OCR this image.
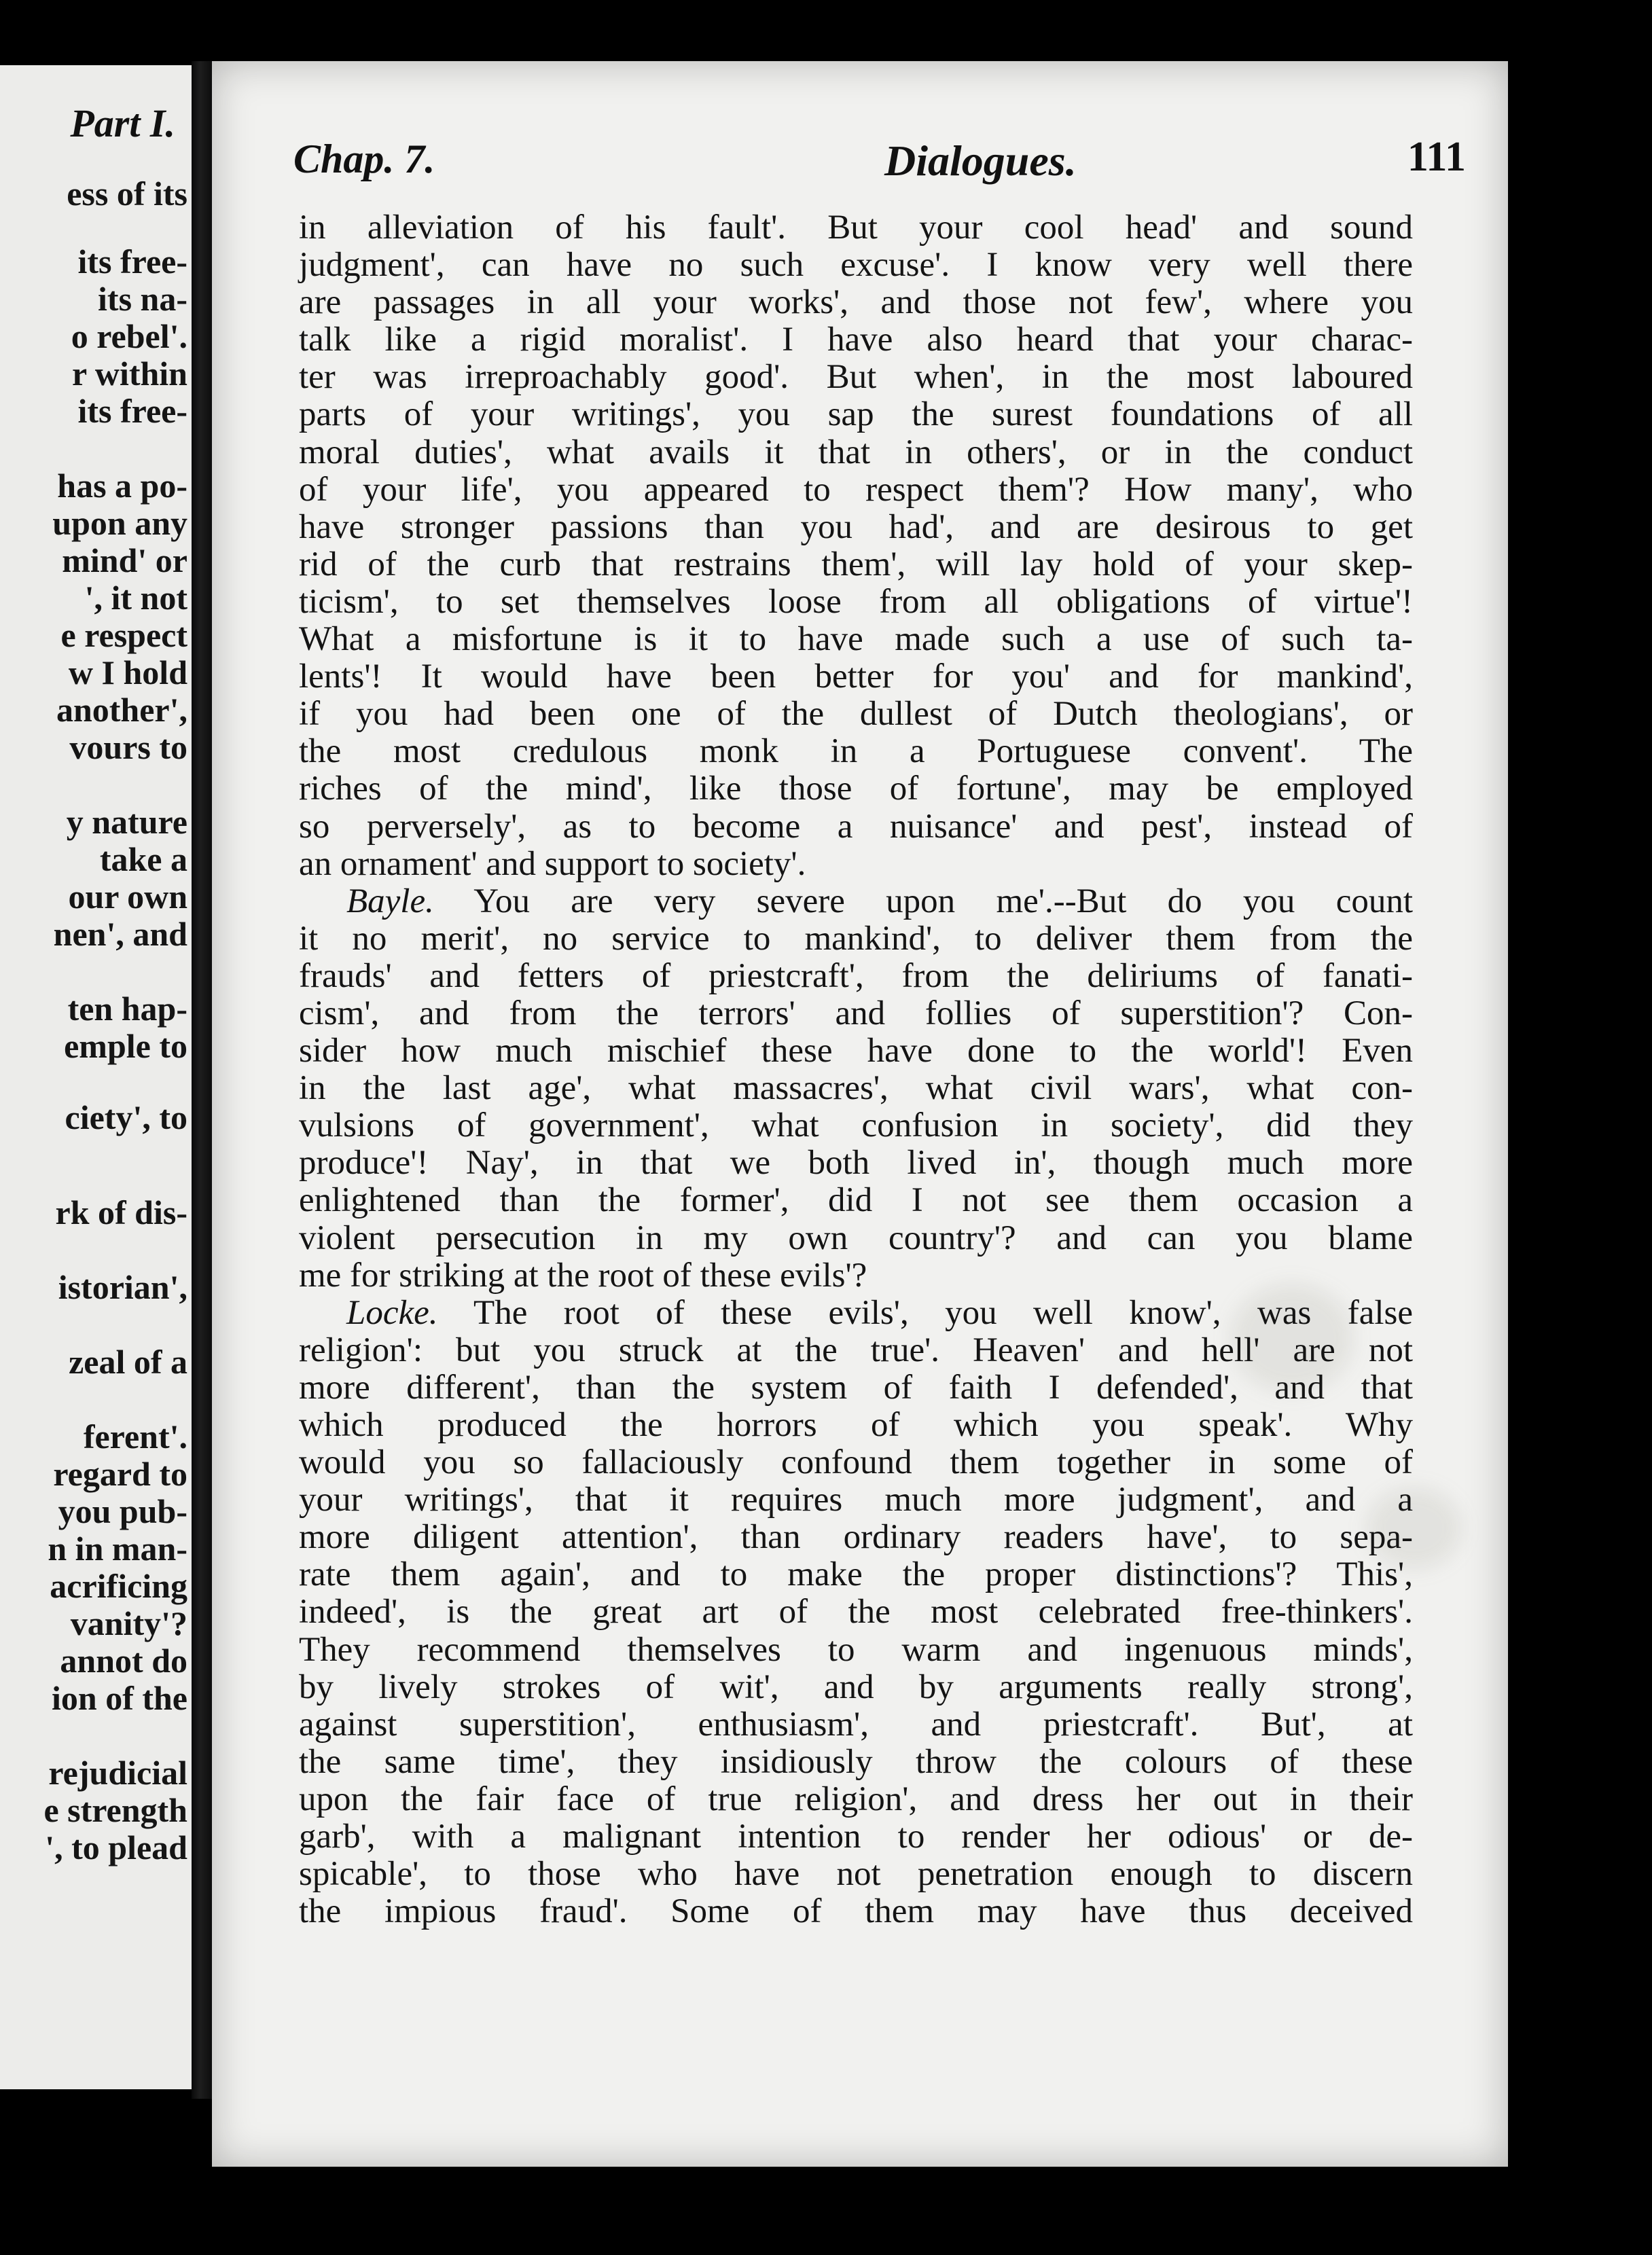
Part I.
ess of its
its free-
its na-
o rebel'.
r within
its free-
has a po-
upon any
mind' or
', it not
e respect
w I hold
another',
vours to
y nature
take a
our own
nen', and
ten hap-
emple to
ciety', to
rk of dis-
istorian',
zeal of a
ferent'.
regard to
you pub-
n in man-
acrificing
vanity'?
annot do
ion of the
rejudicial
e strength
', to plead
Chap. 7.	Dialogues.	111
in alleviation of his fault'. But your cool head' and sound
judgment', can have no such excuse'. I know very well there
are passages in all your works', and those not few', where you
talk like a rigid moralist'. I have also heard that your charac-
ter was irreproachably good'. But when', in the most laboured
parts of your writings', you sap the surest foundations of all
moral duties', what avails it that in others', or in the conduct
of your life', you appeared to respect them'? How many', who
have stronger passions than you had', and are desirous to get
rid of the curb that restrains them', will lay hold of your skep-
ticism', to set themselves loose from all obligations of virtue'!
What a misfortune is it to have made such a use of such ta-
lents'! It would have been better for you' and for mankind',
if you had been one of the dullest of Dutch theologians', or
the most credulous monk in a Portuguese convent'. The
riches of the mind', like those of fortune', may be employed
so perversely', as to become a nuisance' and pest', instead of
an ornament' and support to society'.
Bayle. You are very severe upon me'.--But do you count
it no merit', no service to mankind', to deliver them from the
frauds' and fetters of priestcraft', from the deliriums of fanati-
cism', and from the terrors' and follies of superstition'? Con-
sider how much mischief these have done to the world'! Even
in the last age', what massacres', what civil wars', what con-
vulsions of government', what confusion in society', did they
produce'! Nay', in that we both lived in', though much more
enlightened than the former', did I not see them occasion a
violent persecution in my own country'? and can you blame
me for striking at the root of these evils'?
Locke. The root of these evils', you well know', was false
religion': but you struck at the true'. Heaven' and hell' are not
more different', than the system of faith I defended', and that
which produced the horrors of which you speak'. Why
would you so fallaciously confound them together in some of
your writings', that it requires much more judgment', and a
more diligent attention', than ordinary readers have', to sepa-
rate them again', and to make the proper distinctions'? This',
indeed', is the great art of the most celebrated free-thinkers'.
They recommend themselves to warm and ingenuous minds',
by lively strokes of wit', and by arguments really strong',
against superstition', enthusiasm', and priestcraft'. But', at
the same time', they insidiously throw the colours of these
upon the fair face of true religion', and dress her out in their
garb', with a malignant intention to render her odious' or de-
spicable', to those who have not penetration enough to discern
the impious fraud'. Some of them may have thus deceived
